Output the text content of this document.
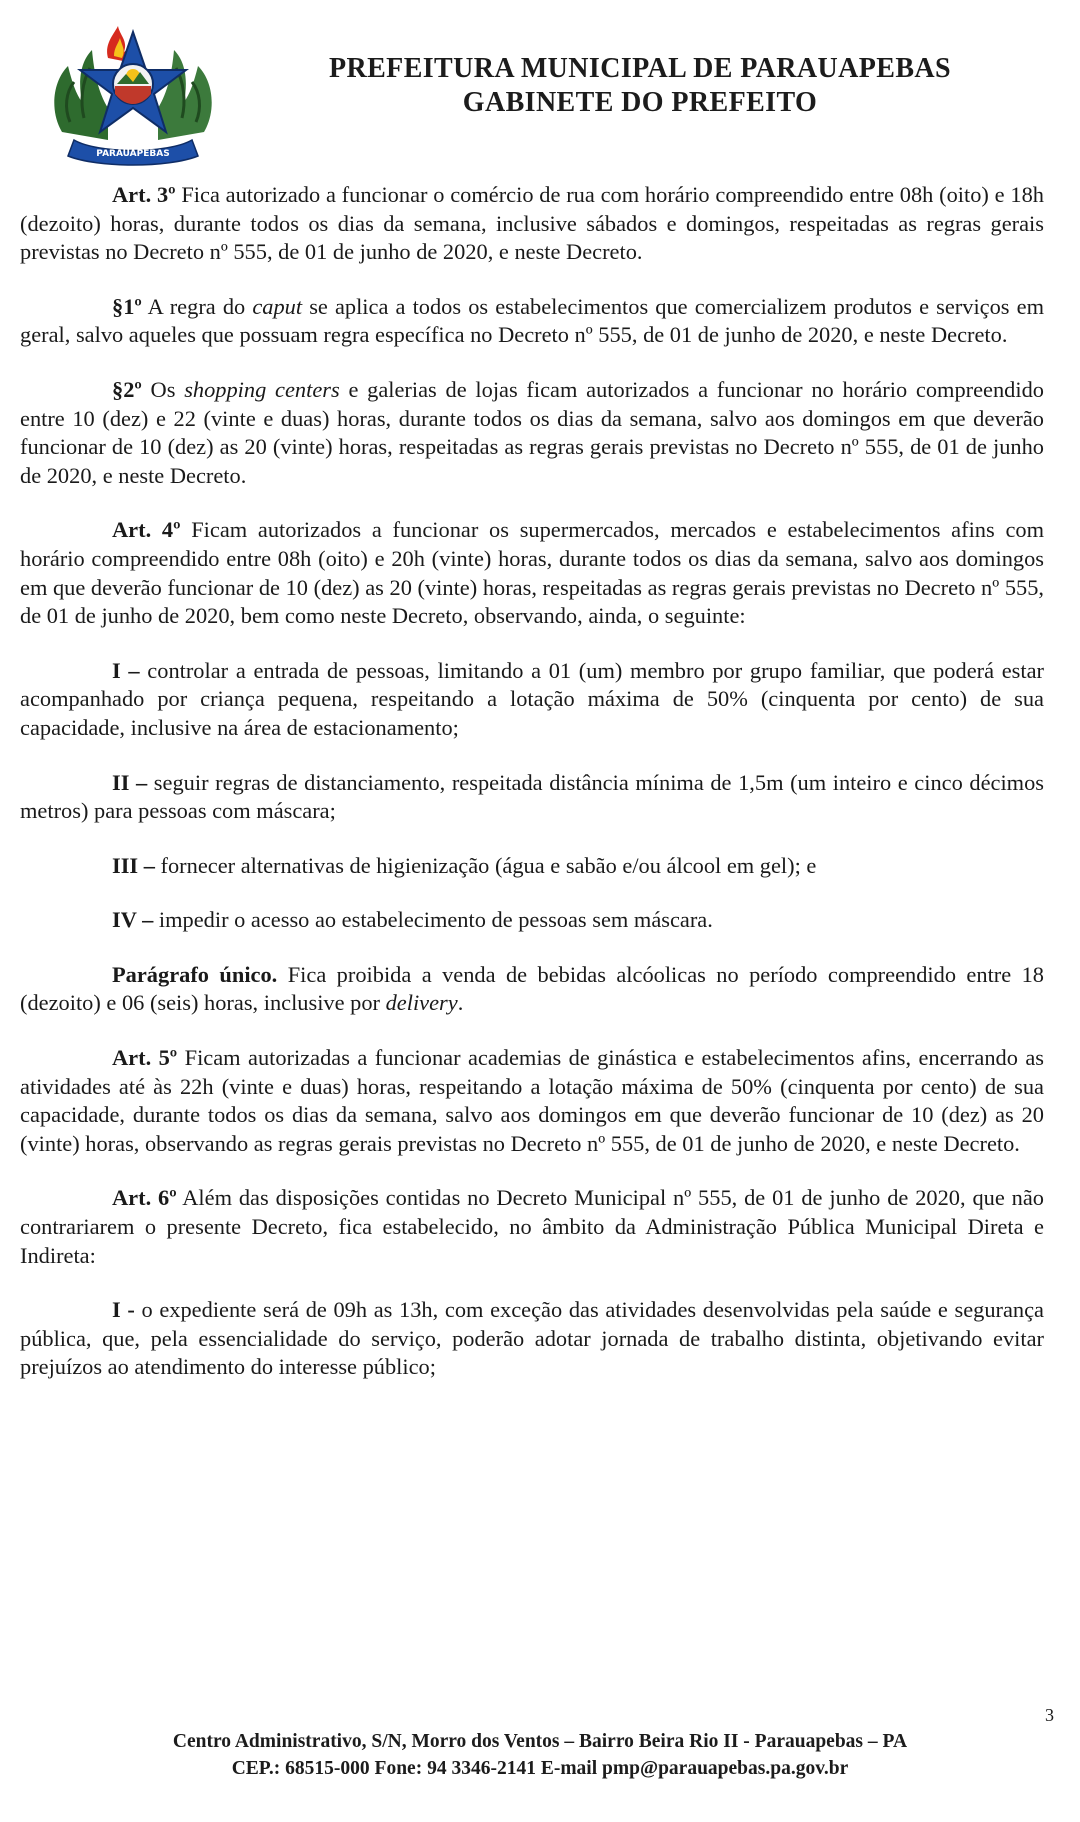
PARAUAPEBAS
PREFEITURA MUNICIPAL DE PARAUAPEBAS
GABINETE DO PREFEITO

Art. 3º Fica autorizado a funcionar o comércio de rua com horário compreendido entre 08h (oito) e 18h (dezoito) horas, durante todos os dias da semana, inclusive sábados e domingos, respeitadas as regras gerais previstas no Decreto nº 555, de 01 de junho de 2020, e neste Decreto.

§1º A regra do caput se aplica a todos os estabelecimentos que comercializem produtos e serviços em geral, salvo aqueles que possuam regra específica no Decreto nº 555, de 01 de junho de 2020, e neste Decreto.

§2º Os shopping centers e galerias de lojas ficam autorizados a funcionar no horário compreendido entre 10 (dez) e 22 (vinte e duas) horas, durante todos os dias da semana, salvo aos domingos em que deverão funcionar de 10 (dez) as 20 (vinte) horas, respeitadas as regras gerais previstas no Decreto nº 555, de 01 de junho de 2020, e neste Decreto.

Art. 4º Ficam autorizados a funcionar os supermercados, mercados e estabelecimentos afins com horário compreendido entre 08h (oito) e 20h (vinte) horas, durante todos os dias da semana, salvo aos domingos em que deverão funcionar de 10 (dez) as 20 (vinte) horas, respeitadas as regras gerais previstas no Decreto nº 555, de 01 de junho de 2020, bem como neste Decreto, observando, ainda, o seguinte:

I – controlar a entrada de pessoas, limitando a 01 (um) membro por grupo familiar, que poderá estar acompanhado por criança pequena, respeitando a lotação máxima de 50% (cinquenta por cento) de sua capacidade, inclusive na área de estacionamento;

II – seguir regras de distanciamento, respeitada distância mínima de 1,5m (um inteiro e cinco décimos metros) para pessoas com máscara;

III – fornecer alternativas de higienização (água e sabão e/ou álcool em gel); e

IV – impedir o acesso ao estabelecimento de pessoas sem máscara.

Parágrafo único. Fica proibida a venda de bebidas alcóolicas no período compreendido entre 18 (dezoito) e 06 (seis) horas, inclusive por delivery.

Art. 5º Ficam autorizadas a funcionar academias de ginástica e estabelecimentos afins, encerrando as atividades até às 22h (vinte e duas) horas, respeitando a lotação máxima de 50% (cinquenta por cento) de sua capacidade, durante todos os dias da semana, salvo aos domingos em que deverão funcionar de 10 (dez) as 20 (vinte) horas, observando as regras gerais previstas no Decreto nº 555, de 01 de junho de 2020, e neste Decreto.

Art. 6º Além das disposições contidas no Decreto Municipal nº 555, de 01 de junho de 2020, que não contrariarem o presente Decreto, fica estabelecido, no âmbito da Administração Pública Municipal Direta e Indireta:

I - o expediente será de 09h as 13h, com exceção das atividades desenvolvidas pela saúde e segurança pública, que, pela essencialidade do serviço, poderão adotar jornada de trabalho distinta, objetivando evitar prejuízos ao atendimento do interesse público;

3
Centro Administrativo, S/N, Morro dos Ventos – Bairro Beira Rio II - Parauapebas – PA
CEP.: 68515-000 Fone: 94 3346-2141 E-mail pmp@parauapebas.pa.gov.br
